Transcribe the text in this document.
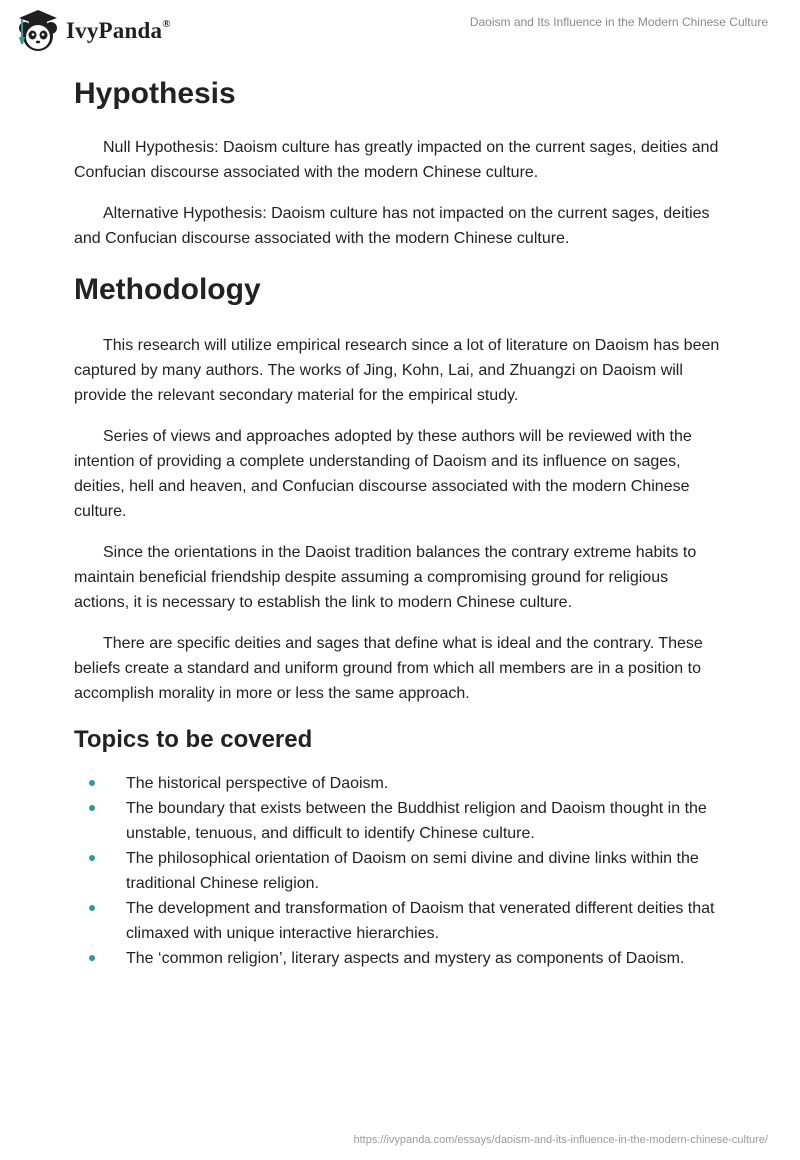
IvyPanda®	Daoism and Its Influence in the Modern Chinese Culture
Hypothesis

Null Hypothesis: Daoism culture has greatly impacted on the current sages, deities and Confucian discourse associated with the modern Chinese culture.

Alternative Hypothesis: Daoism culture has not impacted on the current sages, deities and Confucian discourse associated with the modern Chinese culture.

Methodology

This research will utilize empirical research since a lot of literature on Daoism has been captured by many authors. The works of Jing, Kohn, Lai, and Zhuangzi on Daoism will provide the relevant secondary material for the empirical study.

Series of views and approaches adopted by these authors will be reviewed with the intention of providing a complete understanding of Daoism and its influence on sages, deities, hell and heaven, and Confucian discourse associated with the modern Chinese culture.

Since the orientations in the Daoist tradition balances the contrary extreme habits to maintain beneficial friendship despite assuming a compromising ground for religious actions, it is necessary to establish the link to modern Chinese culture.

There are specific deities and sages that define what is ideal and the contrary. These beliefs create a standard and uniform ground from which all members are in a position to accomplish morality in more or less the same approach.

Topics to be covered
The historical perspective of Daoism.
The boundary that exists between the Buddhist religion and Daoism thought in the unstable, tenuous, and difficult to identify Chinese culture.
The philosophical orientation of Daoism on semi divine and divine links within the traditional Chinese religion.
The development and transformation of Daoism that venerated different deities that climaxed with unique interactive hierarchies.
The ‘common religion’, literary aspects and mystery as components of Daoism.
https://ivypanda.com/essays/daoism-and-its-influence-in-the-modern-chinese-culture/
